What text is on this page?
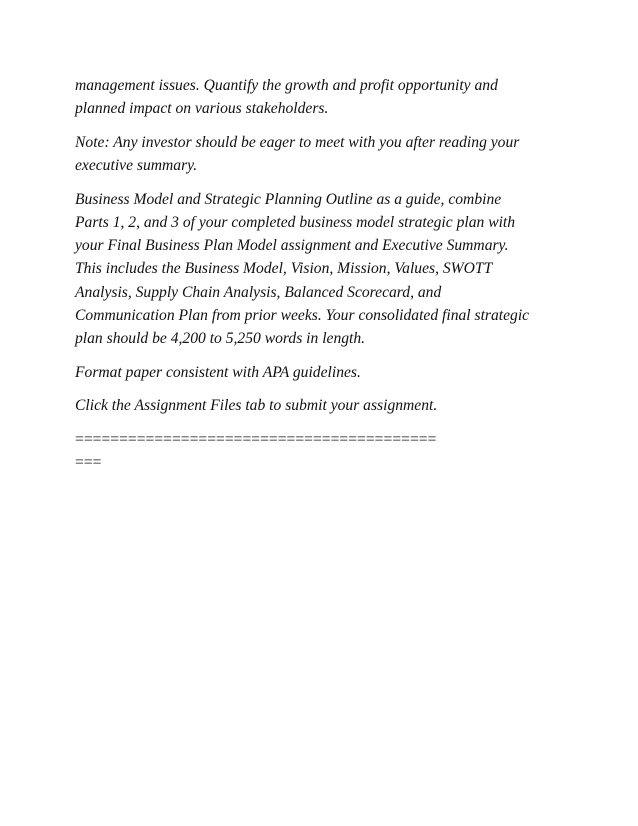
management issues. Quantify the growth and profit opportunity and
planned impact on various stakeholders.

Note: Any investor should be eager to meet with you after reading your
executive summary.

Business Model and Strategic Planning Outline as a guide, combine
Parts 1, 2, and 3 of your completed business model strategic plan with
your Final Business Plan Model assignment and Executive Summary.
This includes the Business Model, Vision, Mission, Values, SWOTT
Analysis, Supply Chain Analysis, Balanced Scorecard, and
Communication Plan from prior weeks. Your consolidated final strategic
plan should be 4,200 to 5,250 words in length.

Format paper consistent with APA guidelines.

Click the Assignment Files tab to submit your assignment.

=========================================
===
